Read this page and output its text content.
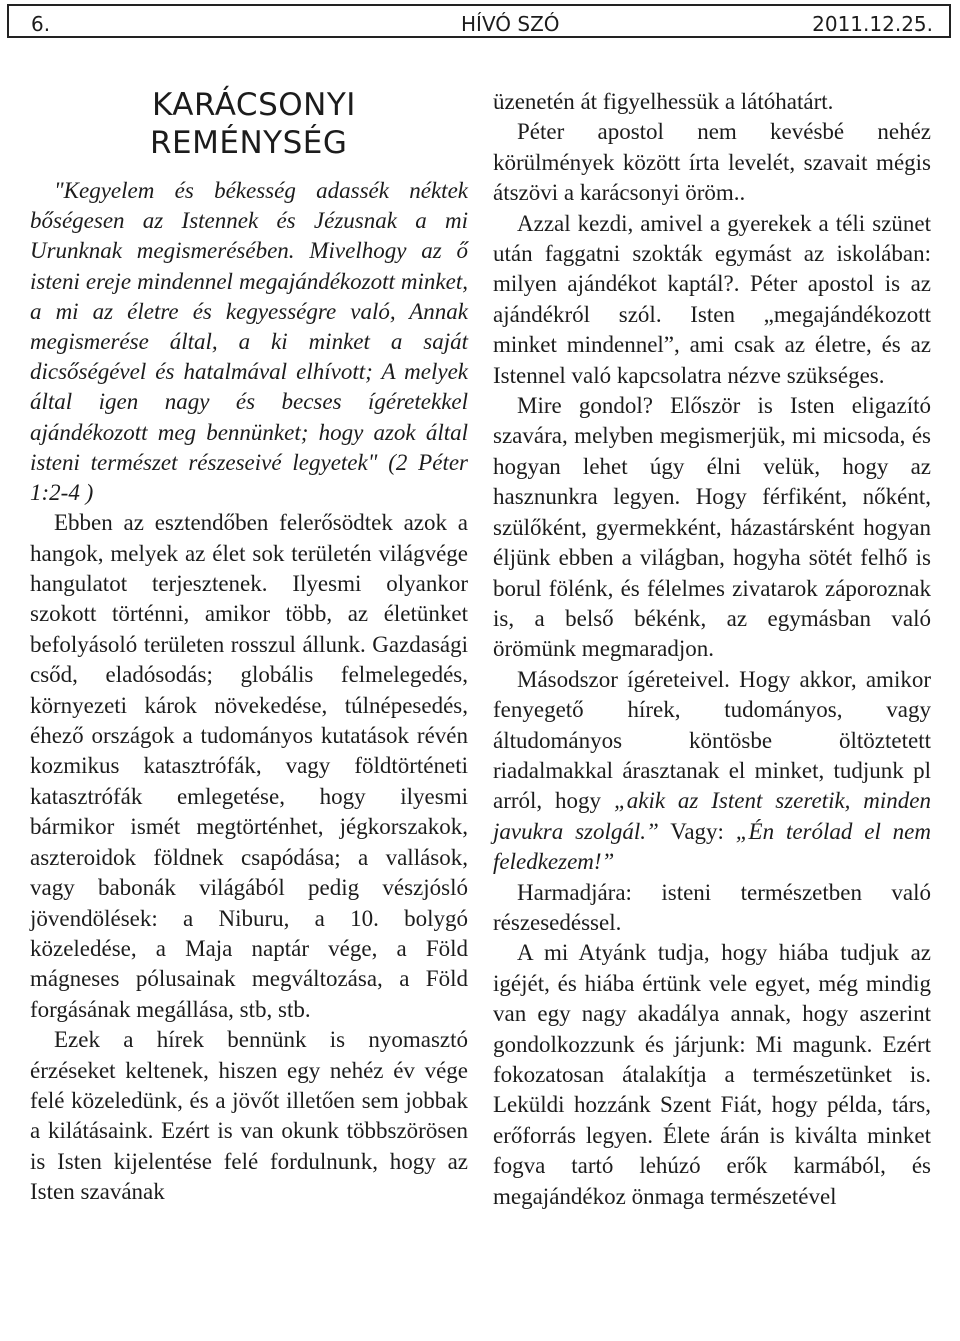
6.	HÍVÓ SZÓ	2011.12.25.
KARÁCSONYI
REMÉNYSÉG

"Kegyelem és békesség adassék néktek bőségesen az Istennek és Jézusnak a mi Urunknak megismerésében. Mivelhogy az ő isteni ereje mindennel megajándékozott minket, a mi az életre és kegyességre való, Annak megismerése által, a ki minket a saját dicsőségével és hatalmával elhívott; A melyek által igen nagy és becses ígéretekkel ajándékozott meg bennünket; hogy azok által isteni természet részeseivé legyetek" (2 Péter 1:2-4 )

Ebben az esztendőben felerősödtek azok a hangok, melyek az élet sok területén világvége hangulatot terjesztenek. Ilyesmi olyankor szokott történni, amikor több, az életünket befolyásoló területen rosszul állunk. Gazdasági csőd, eladósodás; globális felmelegedés, környezeti károk növekedése, túlnépesedés, éhező országok a tudományos kutatások révén kozmikus katasztrófák, vagy földtörténeti katasztrófák emlegetése, hogy ilyesmi bármikor ismét megtörténhet, jégkorszakok, aszteroidok földnek csapódása; a vallások, vagy babonák világából pedig vészjósló jövendölések: a Niburu, a 10. bolygó közeledése, a Maja naptár vége, a Föld mágneses pólusainak megváltozása, a Föld forgásának megállása, stb, stb.

Ezek a hírek bennünk is nyomasztó érzéseket keltenek, hiszen egy nehéz év vége felé közeledünk, és a jövőt illetően sem jobbak a kilátásaink. Ezért is van okunk többszörösen is Isten kijelentése felé fordulnunk, hogy az Isten szavának

üzenetén át figyelhessük a látóhatárt.

Péter apostol nem kevésbé nehéz körülmények között írta levelét, szavait mégis átszövi a karácsonyi öröm..

Azzal kezdi, amivel a gyerekek a téli szünet után faggatni szokták egymást az iskolában: milyen ajándékot kaptál?. Péter apostol is az ajándékról szól. Isten „megajándékozott minket mindennel”, ami csak az életre, és az Istennel való kapcsolatra nézve szükséges.

Mire gondol? Először is Isten eligazító szavára, melyben megismerjük, mi micsoda, és hogyan lehet úgy élni velük, hogy az hasznunkra legyen. Hogy férfiként, nőként, szülőként, gyermekként, házastársként hogyan éljünk ebben a világban, hogyha sötét felhő is borul fölénk, és félelmes zivatarok záporoznak is, a belső békénk, az egymásban való örömünk megmaradjon.

Másodszor ígéreteivel. Hogy akkor, amikor fenyegető hírek, tudományos, vagy áltudományos köntösbe öltöztetett riadalmakkal árasztanak el minket, tudjunk pl arról, hogy „akik az Istent szeretik, minden javukra szolgál.” Vagy: „Én terólad el nem feledkezem!”

Harmadjára: isteni természetben való részesedéssel.

A mi Atyánk tudja, hogy hiába tudjuk az igéjét, és hiába értünk vele egyet, még mindig van egy nagy akadálya annak, hogy aszerint gondolkozzunk és járjunk: Mi magunk. Ezért fokozatosan átalakítja a természetünket is. Leküldi hozzánk Szent Fiát, hogy példa, társ, erőforrás legyen. Élete árán is kiválta minket fogva tartó lehúzó erők karmából, és megajándékoz önmaga természetével
